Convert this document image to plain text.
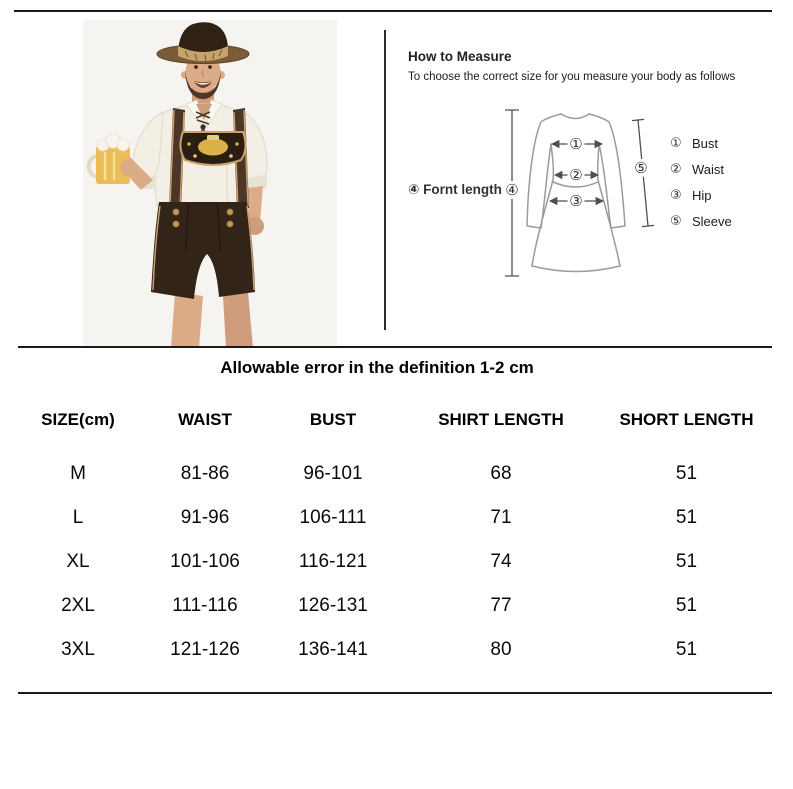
How to Measure
To choose the correct size for you measure your body as follows
④
①
②
③
⑤
④ Fornt length
① Bust
② Waist
③ Hip
⑤ Sleeve
Allowable error in the definition 1-2 cm
SIZE(cm)	WAIST	BUST	SHIRT LENGTH	SHORT LENGTH
M	81-86	96-101	68	51
L	91-96	106-111	71	51
XL	101-106	116-121	74	51
2XL	111-116	126-131	77	51
3XL	121-126	136-141	80	51
